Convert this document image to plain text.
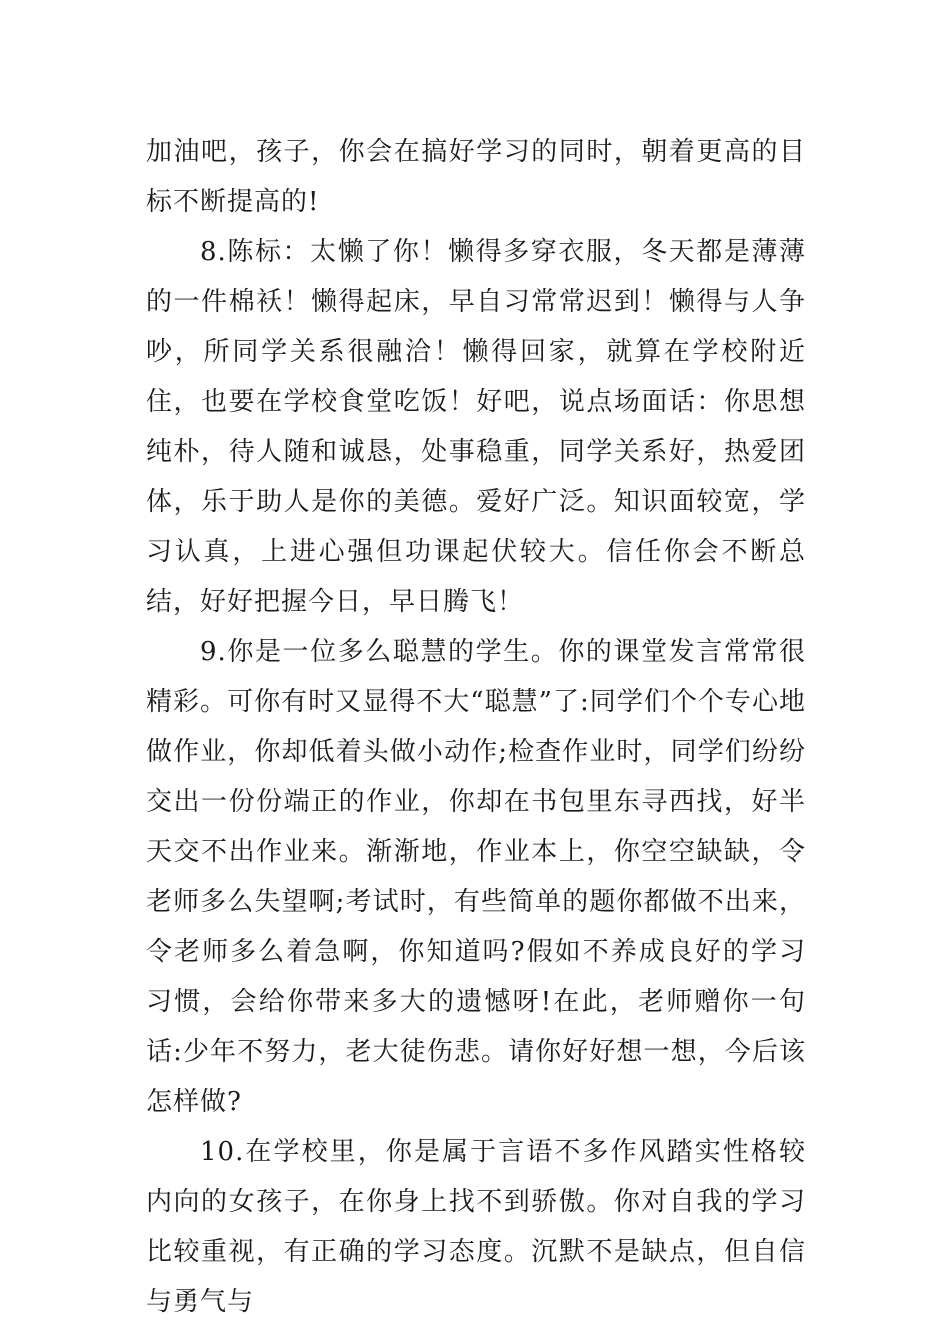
加油吧，孩子，你会在搞好学习的同时，朝着更高的目标不断提高的!

8.陈标：太懒了你！懒得多穿衣服，冬天都是薄薄的一件棉袄！懒得起床，早自习常常迟到！懒得与人争吵，所同学关系很融洽！懒得回家，就算在学校附近住，也要在学校食堂吃饭！好吧，说点场面话：你思想纯朴，待人随和诚恳，处事稳重，同学关系好，热爱团体，乐于助人是你的美德。爱好广泛。知识面较宽，学习认真，上进心强但功课起伏较大。信任你会不断总结，好好把握今日，早日腾飞！

9.你是一位多么聪慧的学生。你的课堂发言常常很精彩。可你有时又显得不大“聪慧”了:同学们个个专心地做作业，你却低着头做小动作;检查作业时，同学们纷纷交出一份份端正的作业，你却在书包里东寻西找，好半天交不出作业来。渐渐地，作业本上，你空空缺缺，令老师多么失望啊;考试时，有些简单的题你都做不出来，令老师多么着急啊，你知道吗?假如不养成良好的学习习惯，会给你带来多大的遗憾呀!在此，老师赠你一句话:少年不努力，老大徒伤悲。请你好好想一想，今后该怎样做?

10.在学校里，你是属于言语不多作风踏实性格较内向的女孩子，在你身上找不到骄傲。你对自我的学习比较重视，有正确的学习态度。沉默不是缺点，但自信与勇气与
